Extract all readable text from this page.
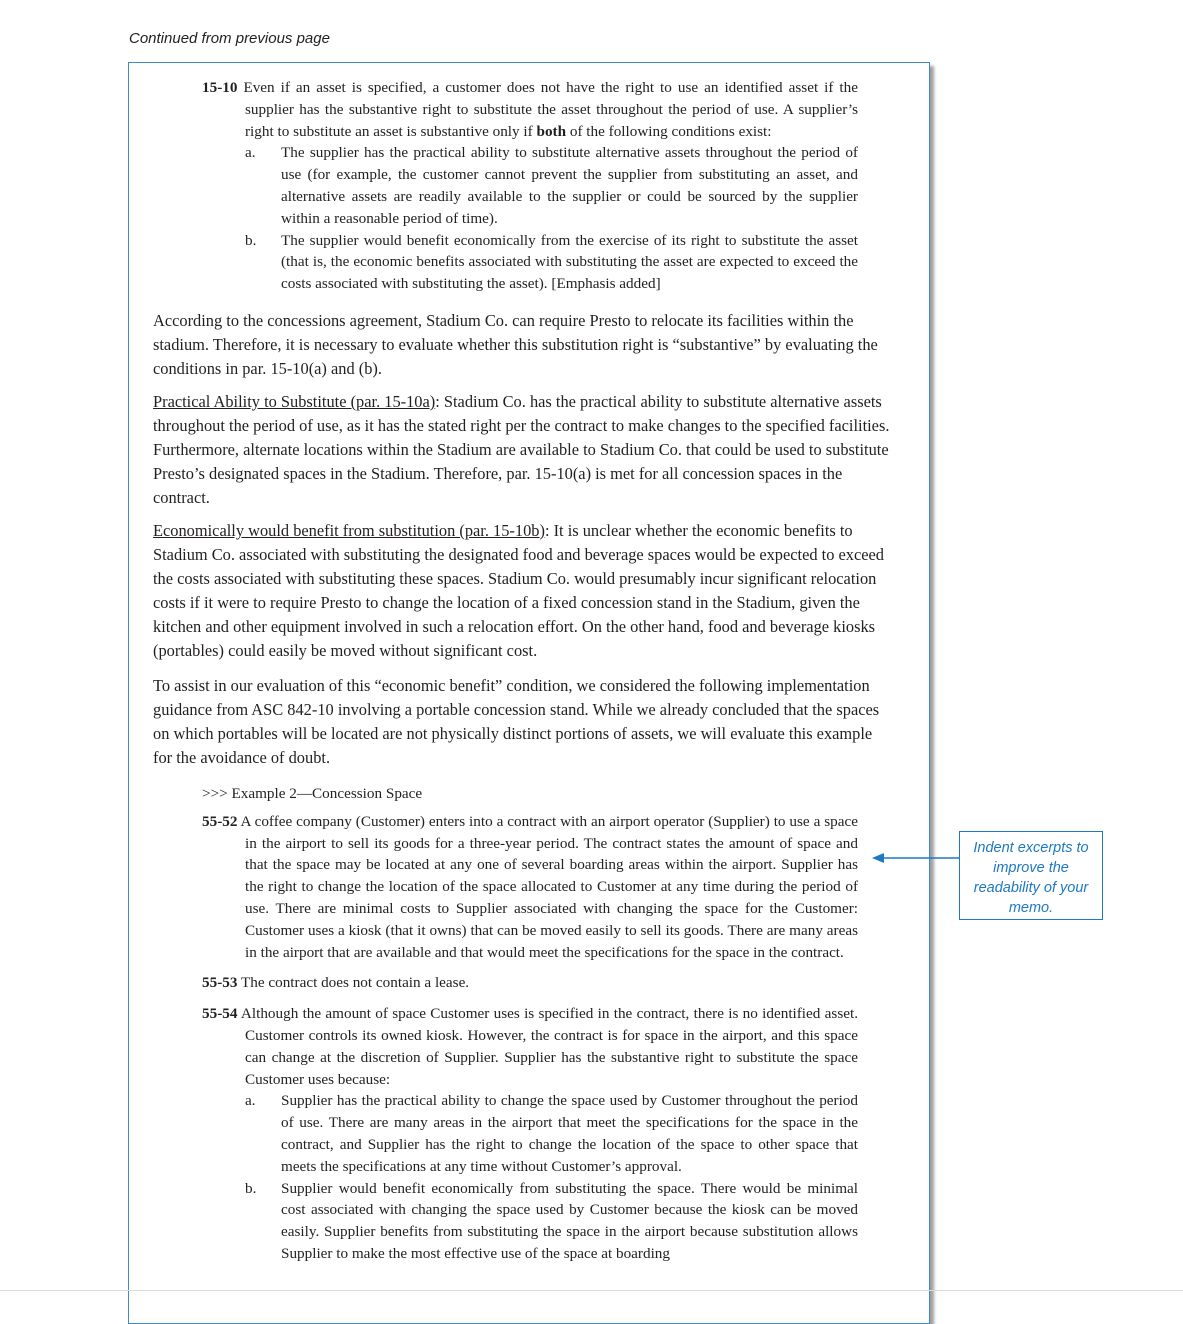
Continued from previous page

15-10 Even if an asset is specified, a customer does not have the right to use an identified asset if the supplier has the substantive right to substitute the asset throughout the period of use. A supplier’s right to substitute an asset is substantive only if both of the following conditions exist:

a. The supplier has the practical ability to substitute alternative assets throughout the period of use (for example, the customer cannot prevent the supplier from substituting an asset, and alternative assets are readily available to the supplier or could be sourced by the supplier within a reasonable period of time).

b. The supplier would benefit economically from the exercise of its right to substitute the asset (that is, the economic benefits associated with substituting the asset are expected to exceed the costs associated with substituting the asset). [Emphasis added]

According to the concessions agreement, Stadium Co. can require Presto to relocate its facilities within the stadium. Therefore, it is necessary to evaluate whether this substitution right is “substantive” by evaluating the conditions in par. 15-10(a) and (b).

Practical Ability to Substitute (par. 15-10a): Stadium Co. has the practical ability to substitute alternative assets throughout the period of use, as it has the stated right per the contract to make changes to the specified facilities. Furthermore, alternate locations within the Stadium are available to Stadium Co. that could be used to substitute Presto’s designated spaces in the Stadium. Therefore, par. 15-10(a) is met for all concession spaces in the contract.

Economically would benefit from substitution (par. 15-10b): It is unclear whether the economic benefits to Stadium Co. associated with substituting the designated food and beverage spaces would be expected to exceed the costs associated with substituting these spaces. Stadium Co. would presumably incur significant relocation costs if it were to require Presto to change the location of a fixed concession stand in the Stadium, given the kitchen and other equipment involved in such a relocation effort. On the other hand, food and beverage kiosks (portables) could easily be moved without significant cost.

To assist in our evaluation of this “economic benefit” condition, we considered the following implementation guidance from ASC 842-10 involving a portable concession stand. While we already concluded that the spaces on which portables will be located are not physically distinct portions of assets, we will evaluate this example for the avoidance of doubt.

>>> Example 2—Concession Space

55-52 A coffee company (Customer) enters into a contract with an airport operator (Supplier) to use a space in the airport to sell its goods for a three-year period. The contract states the amount of space and that the space may be located at any one of several boarding areas within the airport. Supplier has the right to change the location of the space allocated to Customer at any time during the period of use. There are minimal costs to Supplier associated with changing the space for the Customer: Customer uses a kiosk (that it owns) that can be moved easily to sell its goods. There are many areas in the airport that are available and that would meet the specifications for the space in the contract.

55-53 The contract does not contain a lease.

55-54 Although the amount of space Customer uses is specified in the contract, there is no identified asset. Customer controls its owned kiosk. However, the contract is for space in the airport, and this space can change at the discretion of Supplier. Supplier has the substantive right to substitute the space Customer uses because:

a. Supplier has the practical ability to change the space used by Customer throughout the period of use. There are many areas in the airport that meet the specifications for the space in the contract, and Supplier has the right to change the location of the space to other space that meets the specifications at any time without Customer’s approval.

b. Supplier would benefit economically from substituting the space. There would be minimal cost associated with changing the space used by Customer because the kiosk can be moved easily. Supplier benefits from substituting the space in the airport because substitution allows Supplier to make the most effective use of the space at boarding

Indent excerpts to improve the readability of your memo.
